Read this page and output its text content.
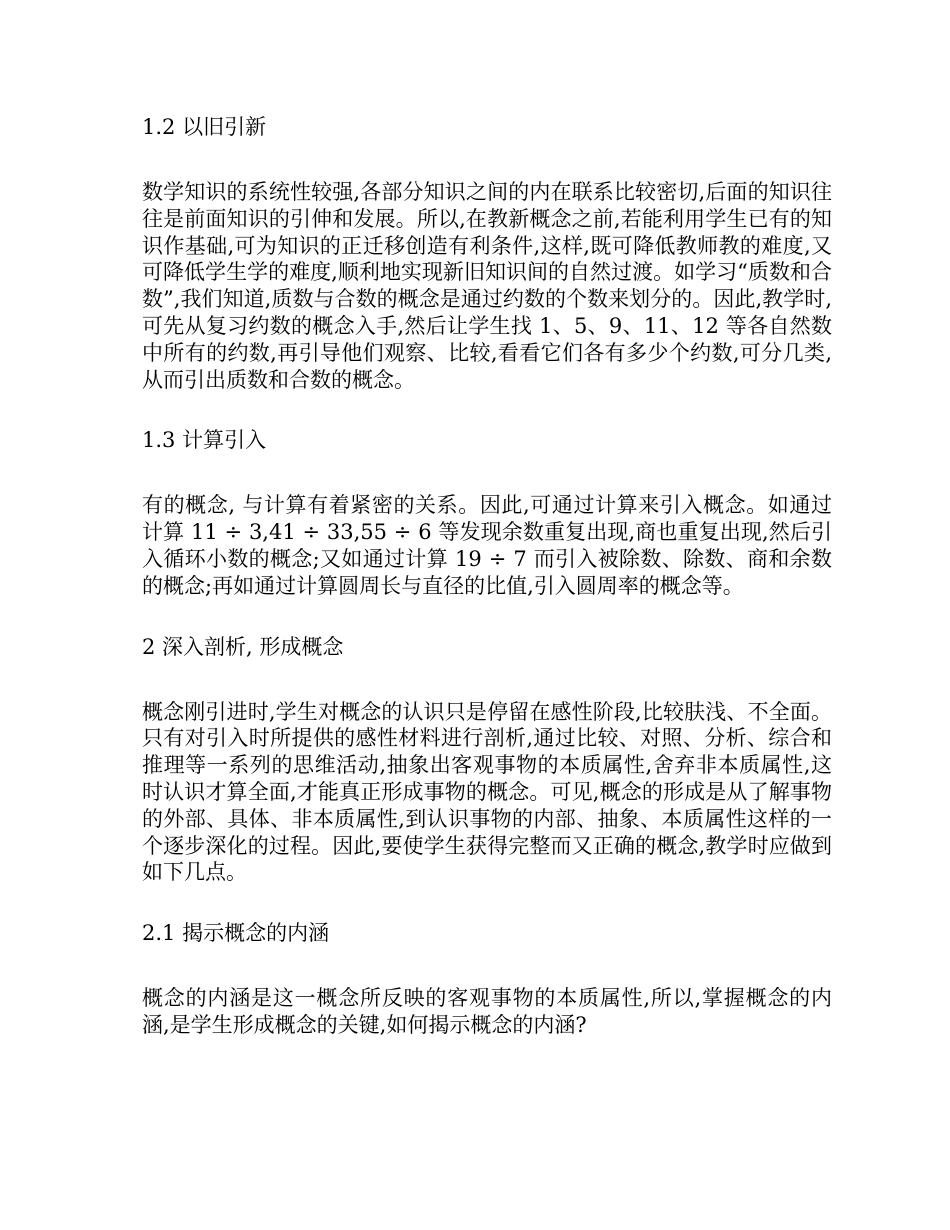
1.2 以旧引新

数学知识的系统性较强,各部分知识之间的内在联系比较密切,后面的知识往往是前面知识的引伸和发展。所以,在教新概念之前,若能利用学生已有的知识作基础,可为知识的正迁移创造有利条件,这样,既可降低教师教的难度,又可降低学生学的难度,顺利地实现新旧知识间的自然过渡。如学习“质数和合数”,我们知道,质数与合数的概念是通过约数的个数来划分的。因此,教学时,可先从复习约数的概念入手,然后让学生找 1、5、9、11、12 等各自然数中所有的约数,再引导他们观察、比较,看看它们各有多少个约数,可分几类,从而引出质数和合数的概念。

1.3 计算引入

有的概念, 与计算有着紧密的关系。因此,可通过计算来引入概念。如通过计算 11 ÷ 3,41 ÷ 33,55 ÷ 6 等发现余数重复出现,商也重复出现,然后引入循环小数的概念;又如通过计算 19 ÷ 7 而引入被除数、除数、商和余数的概念;再如通过计算圆周长与直径的比值,引入圆周率的概念等。

2 深入剖析, 形成概念

概念刚引进时,学生对概念的认识只是停留在感性阶段,比较肤浅、不全面。只有对引入时所提供的感性材料进行剖析,通过比较、对照、分析、综合和推理等一系列的思维活动,抽象出客观事物的本质属性,舍弃非本质属性,这时认识才算全面,才能真正形成事物的概念。可见,概念的形成是从了解事物的外部、具体、非本质属性,到认识事物的内部、抽象、本质属性这样的一个逐步深化的过程。因此,要使学生获得完整而又正确的概念,教学时应做到如下几点。

2.1 揭示概念的内涵

概念的内涵是这一概念所反映的客观事物的本质属性,所以,掌握概念的内涵,是学生形成概念的关键,如何揭示概念的内涵?
